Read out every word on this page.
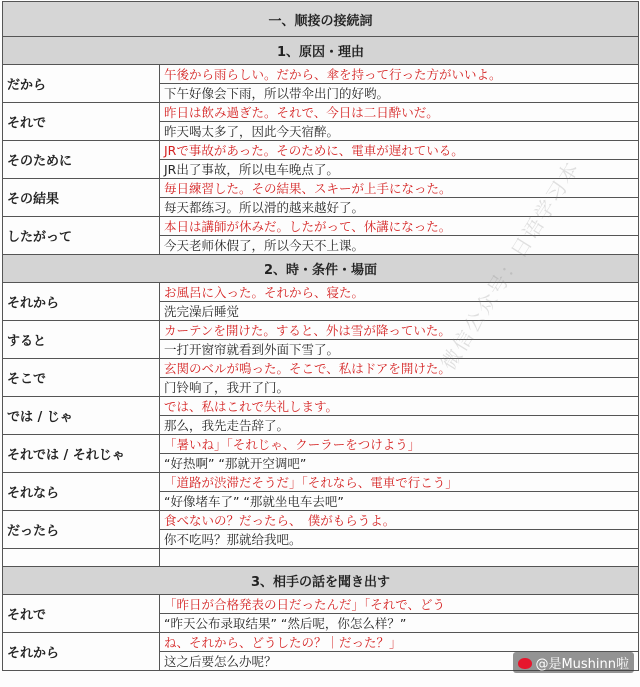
一、顺接の接続詞	
1、原因・理由	
だから	午後から雨らしい。だから、傘を持って行った方がいいよ。
	下午好像会下雨，所以带伞出门的好哟。
それで	昨日は飲み過ぎた。それで、今日は二日酔いだ。
	昨天喝太多了，因此今天宿醉。
そのために	JRで事故があった。そのために、電車が遅れている。
	JR出了事故，所以电车晚点了。
その結果	毎日練習した。その結果、スキーが上手になった。
	每天都练习。所以滑的越来越好了。
したがって	本日は講師が休みだ。したがって、休講になった。
	今天老师休假了，所以今天不上课。
2、時・条件・場面	
それから	お風呂に入った。それから、寝た。
	洗完澡后睡觉
すると	カーテンを開けた。すると、外は雪が降っていた。
	一打开窗帘就看到外面下雪了。
そこで	玄関のベルが鳴った。そこで、私はドアを開けた。
	门铃响了，我开了门。
では / じゃ	では、私はこれで失礼します。
	那么，我先走告辞了。
それでは / それじゃ	「暑いね」「それじゃ、クーラーをつけよう」
	“好热啊” “那就开空调吧”
それなら	「道路が渋滞だそうだ」「それなら、電車で行こう」
	“好像堵车了” “那就坐电车去吧”
だったら	食べないの？だったら、　僕がもらうよ。
	你不吃吗？那就给我吧。

3、相手の話を聞き出す	
それで	「昨日が合格発表の日だったんだ」「それで、どう
	“昨天公布录取结果” “然后呢，你怎么样？”
それから	ね、それから、どうしたの？｜だった？」
	这之后要怎么办呢？
微信公众号：日语学习本
@是Mushinn啦
